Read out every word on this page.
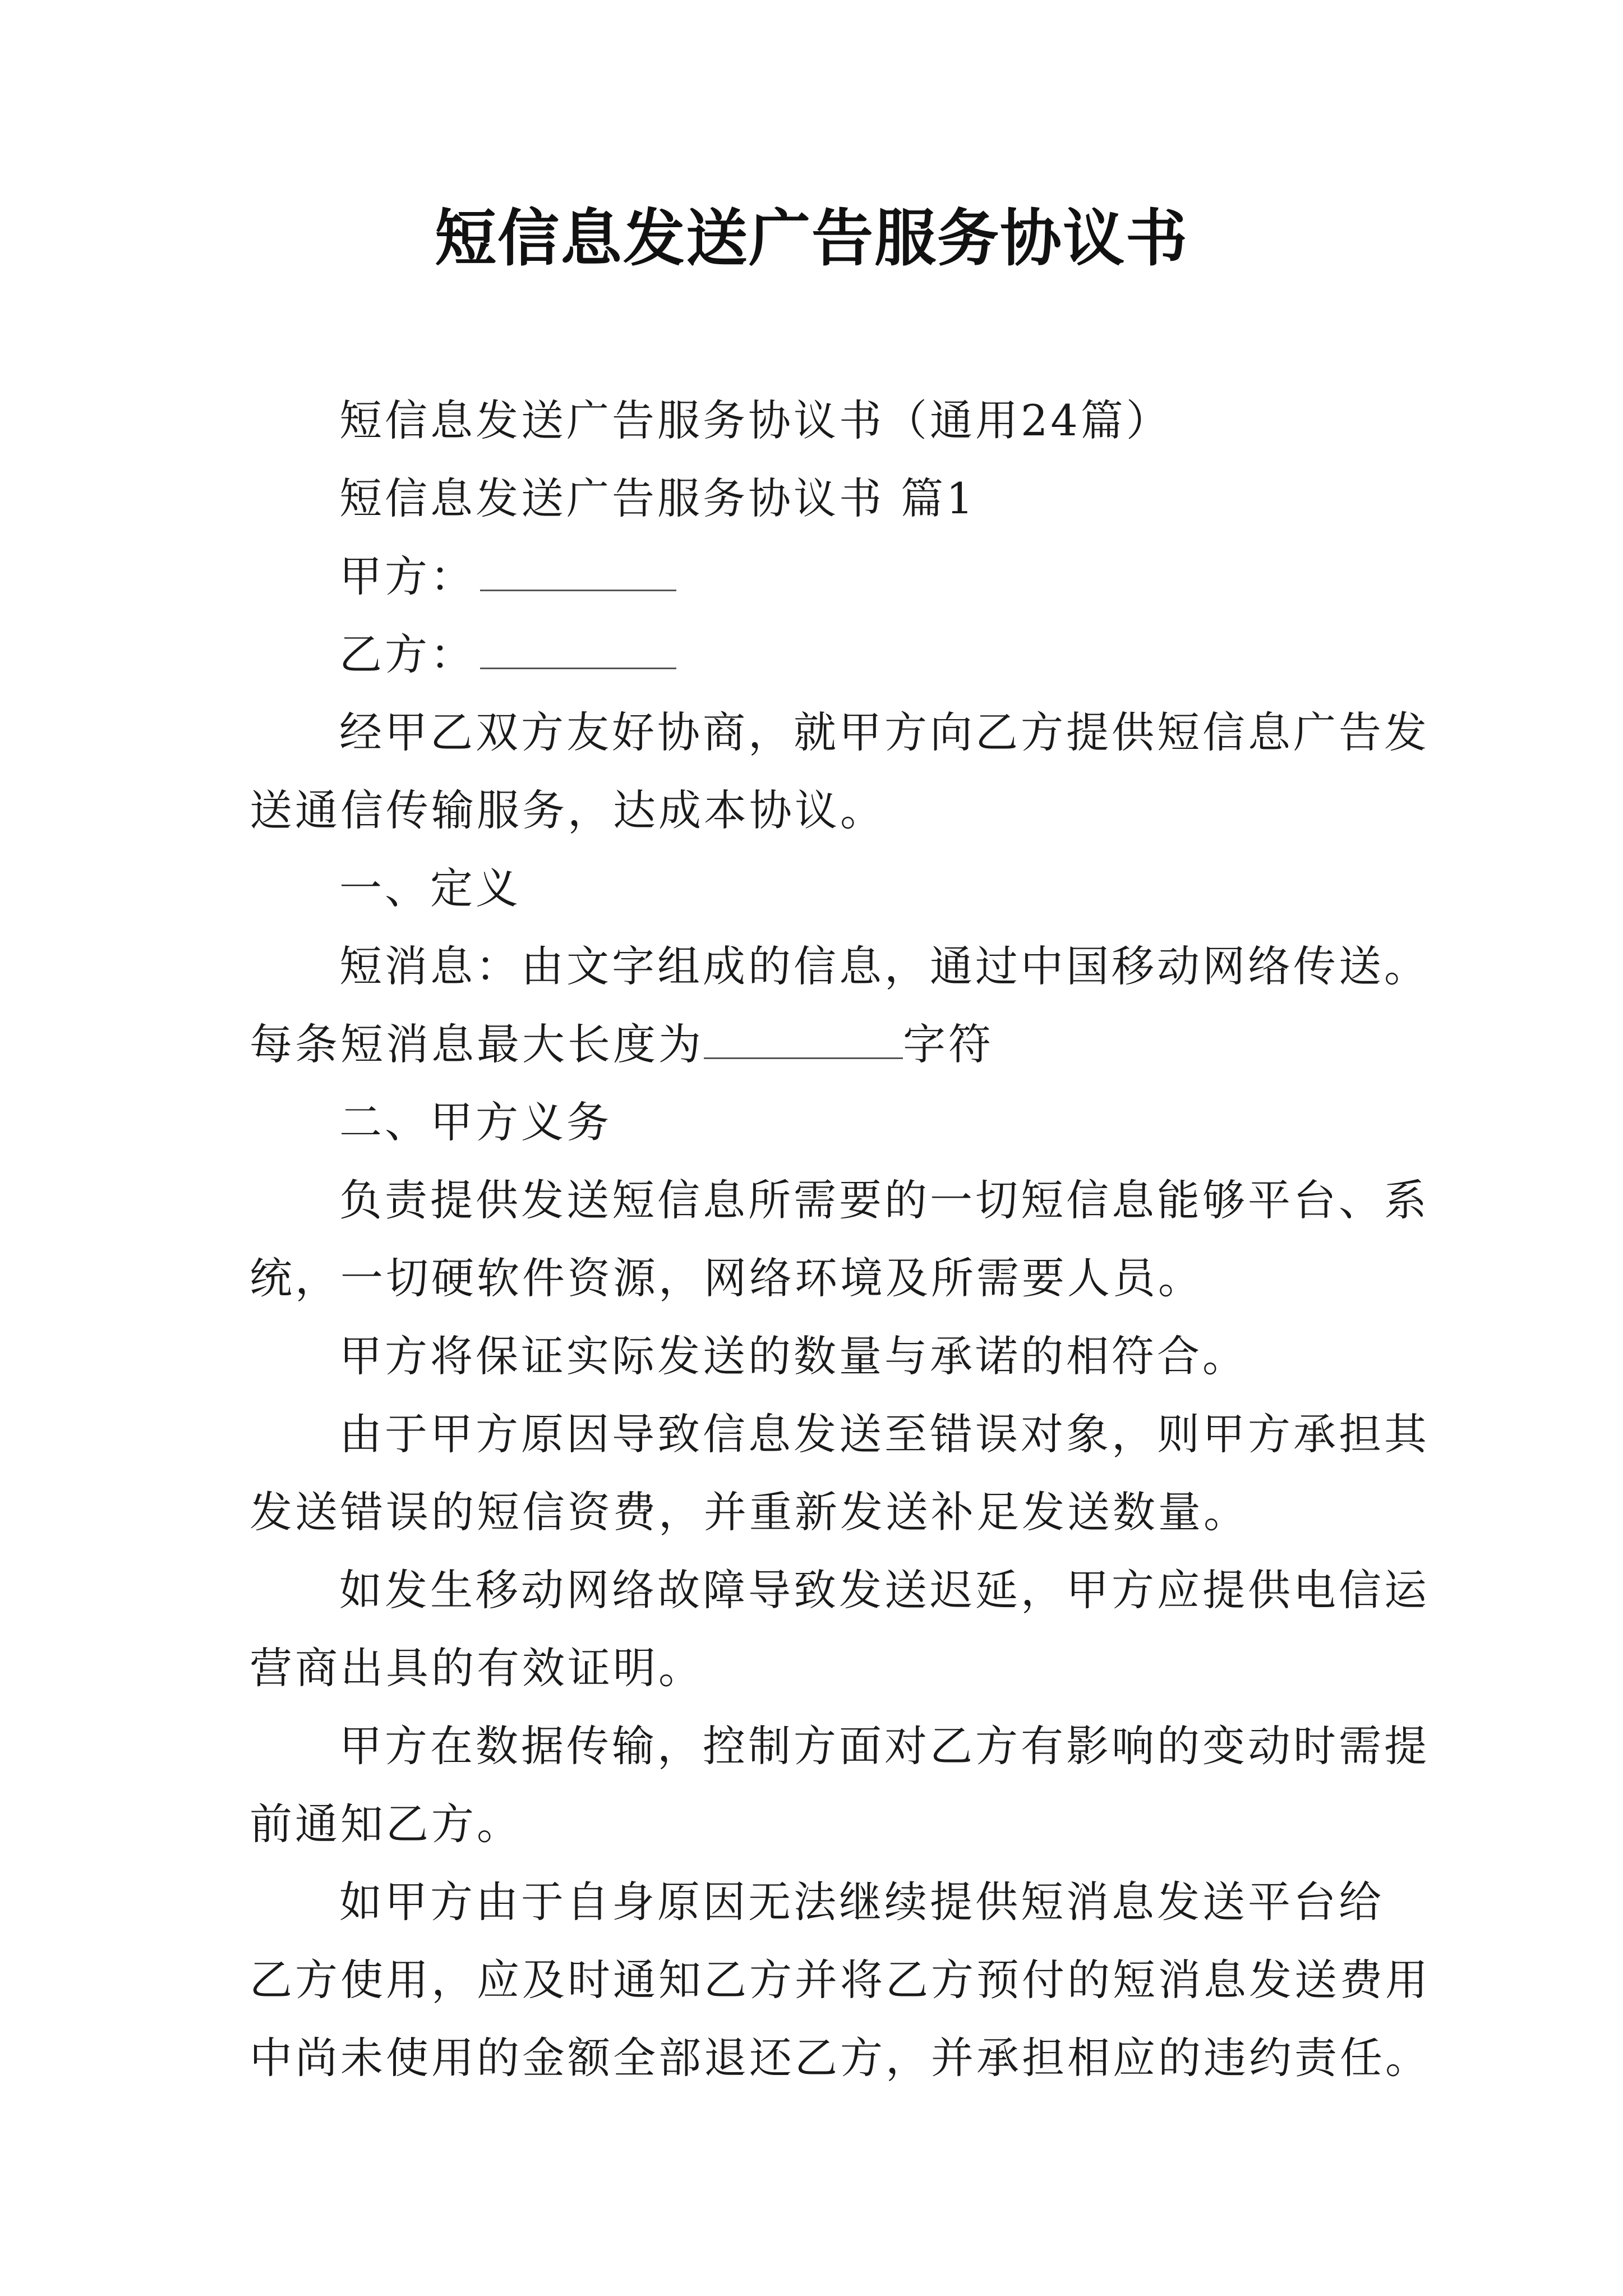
短信息发送广告服务协议书
短信息发送广告服务协议书（通用24篇）
短信息发送广告服务协议书 篇1
甲方：
乙方：
经甲乙双方友好协商，就甲方向乙方提供短信息广告发
送通信传输服务，达成本协议。
一、定义
短消息：由文字组成的信息，通过中国移动网络传送。
每条短消息最大长度为	字符
二、甲方义务
负责提供发送短信息所需要的一切短信息能够平台、系
统，一切硬软件资源，网络环境及所需要人员。
甲方将保证实际发送的数量与承诺的相符合。
由于甲方原因导致信息发送至错误对象，则甲方承担其
发送错误的短信资费，并重新发送补足发送数量。
如发生移动网络故障导致发送迟延，甲方应提供电信运
营商出具的有效证明。
甲方在数据传输，控制方面对乙方有影响的变动时需提
前通知乙方。
如甲方由于自身原因无法继续提供短消息发送平台给
乙方使用，应及时通知乙方并将乙方预付的短消息发送费用
中尚未使用的金额全部退还乙方，并承担相应的违约责任。
